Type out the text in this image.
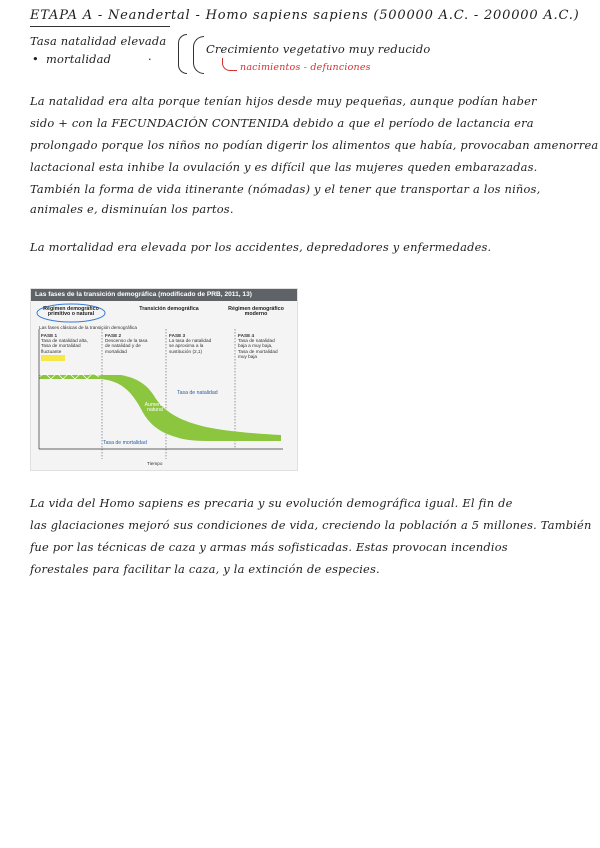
ETAPA A - Neandertal - Homo sapiens sapiens (500000 A.C. - 200000 A.C.)
Tasa natalidad elevada
• mortalidad	·
Crecimiento vegetativo muy reducido
nacimientos - defunciones
La natalidad era alta porque tenían hijos desde muy pequeñas, aunque podían haber
sido + con la FECUNDACIÓN CONTENIDA debido a que el período de lactancia era
prolongado porque los niños no podían digerir los alimentos que había, provocaban amenorrea
lactacional esta inhibe la ovulación y es difícil que las mujeres queden embarazadas.
También la forma de vida itinerante (nómadas) y el tener que transportar a los niños,
animales e, disminuían los partos.
La mortalidad era elevada por los accidentes, depredadores y enfermedades.
Las fases de la transición demográfica (modificado de PRB, 2011, 13)
Régimen demográfico primitivo o natural
Transición demográfica	Régimen demográfico moderno
Las fases clásicas de la transición demográfica
FASE 1
Tasa de natalidad alta,
Tasa de mortalidad
fluctuante
FASE 2
Descenso de la tasa
de natalidad y de
mortalidad
FASE 3
La tasa de natalidad
se aproxima a la
sustitución (2,1)
FASE 4
Tasa de natalidad
baja a muy baja,
Tasa de mortalidad
muy baja
Tasa de natalidad
Aumento
natural
Tasa de mortalidad
Tiempo
La vida del Homo sapiens es precaria y su evolución demográfica igual. El fin de
las glaciaciones mejoró sus condiciones de vida, creciendo la población a 5 millones. También
fue por las técnicas de caza y armas más sofisticadas. Estas provocan incendios
forestales para facilitar la caza, y la extinción de especies.
